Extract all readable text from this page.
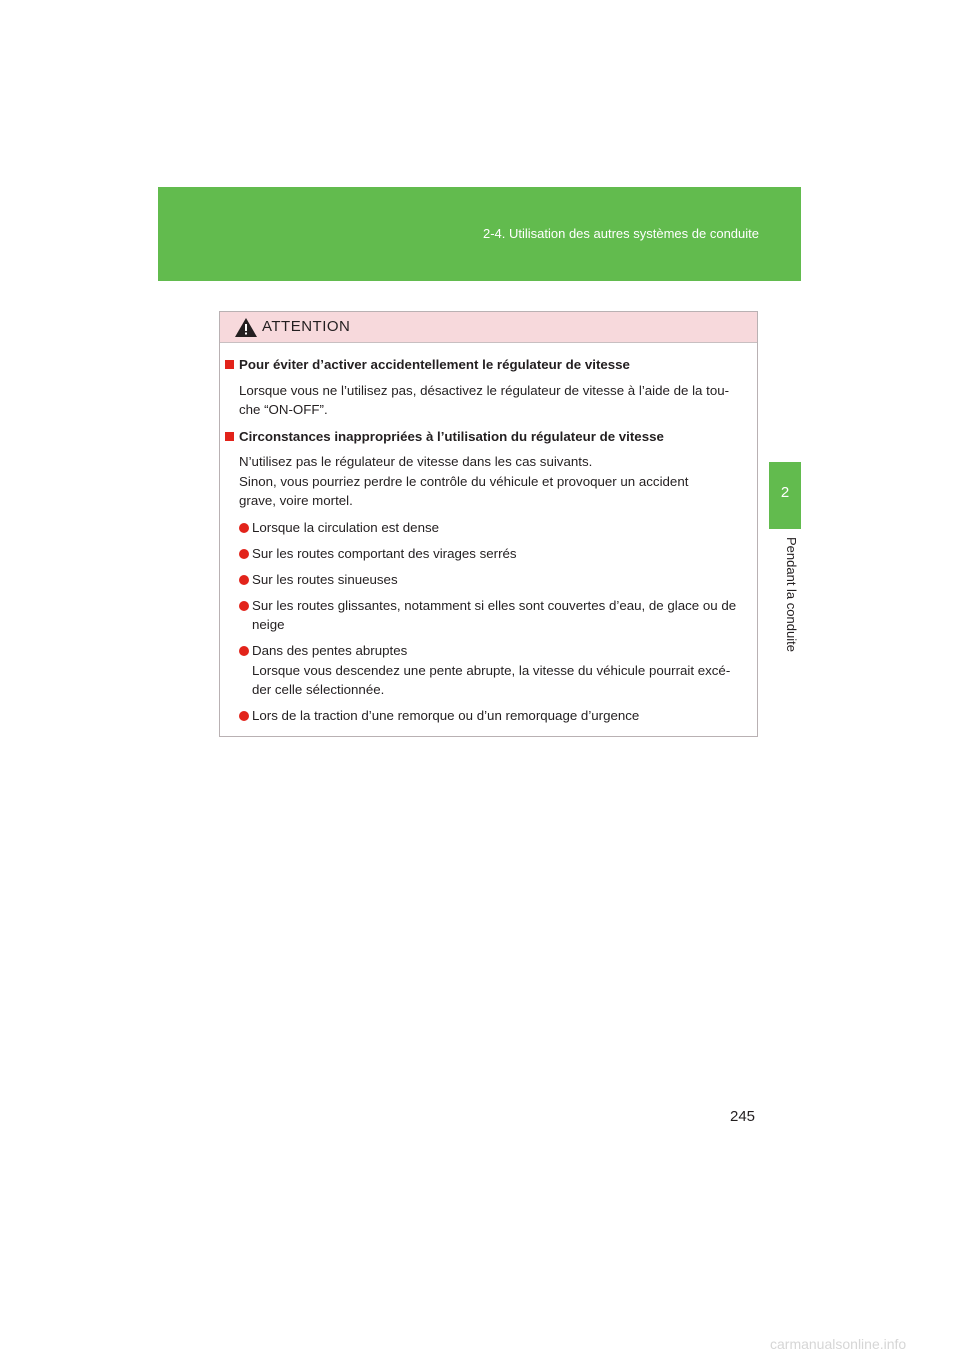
2-4. Utilisation des autres systèmes de conduite
2
Pendant la conduite
ATTENTION
Pour éviter d’activer accidentellement le régulateur de vitesse
Lorsque vous ne l’utilisez pas, désactivez le régulateur de vitesse à l’aide de la tou-
che “ON-OFF”.
Circonstances inappropriées à l’utilisation du régulateur de vitesse
N’utilisez pas le régulateur de vitesse dans les cas suivants.
Sinon, vous pourriez perdre le contrôle du véhicule et provoquer un accident
grave, voire mortel.
Lorsque la circulation est dense
Sur les routes comportant des virages serrés
Sur les routes sinueuses
Sur les routes glissantes, notamment si elles sont couvertes d’eau, de glace ou de
neige
Dans des pentes abruptes
Lorsque vous descendez une pente abrupte, la vitesse du véhicule pourrait excé-
der celle sélectionnée.
Lors de la traction d’une remorque ou d’un remorquage d’urgence
245
carmanualsonline.info
